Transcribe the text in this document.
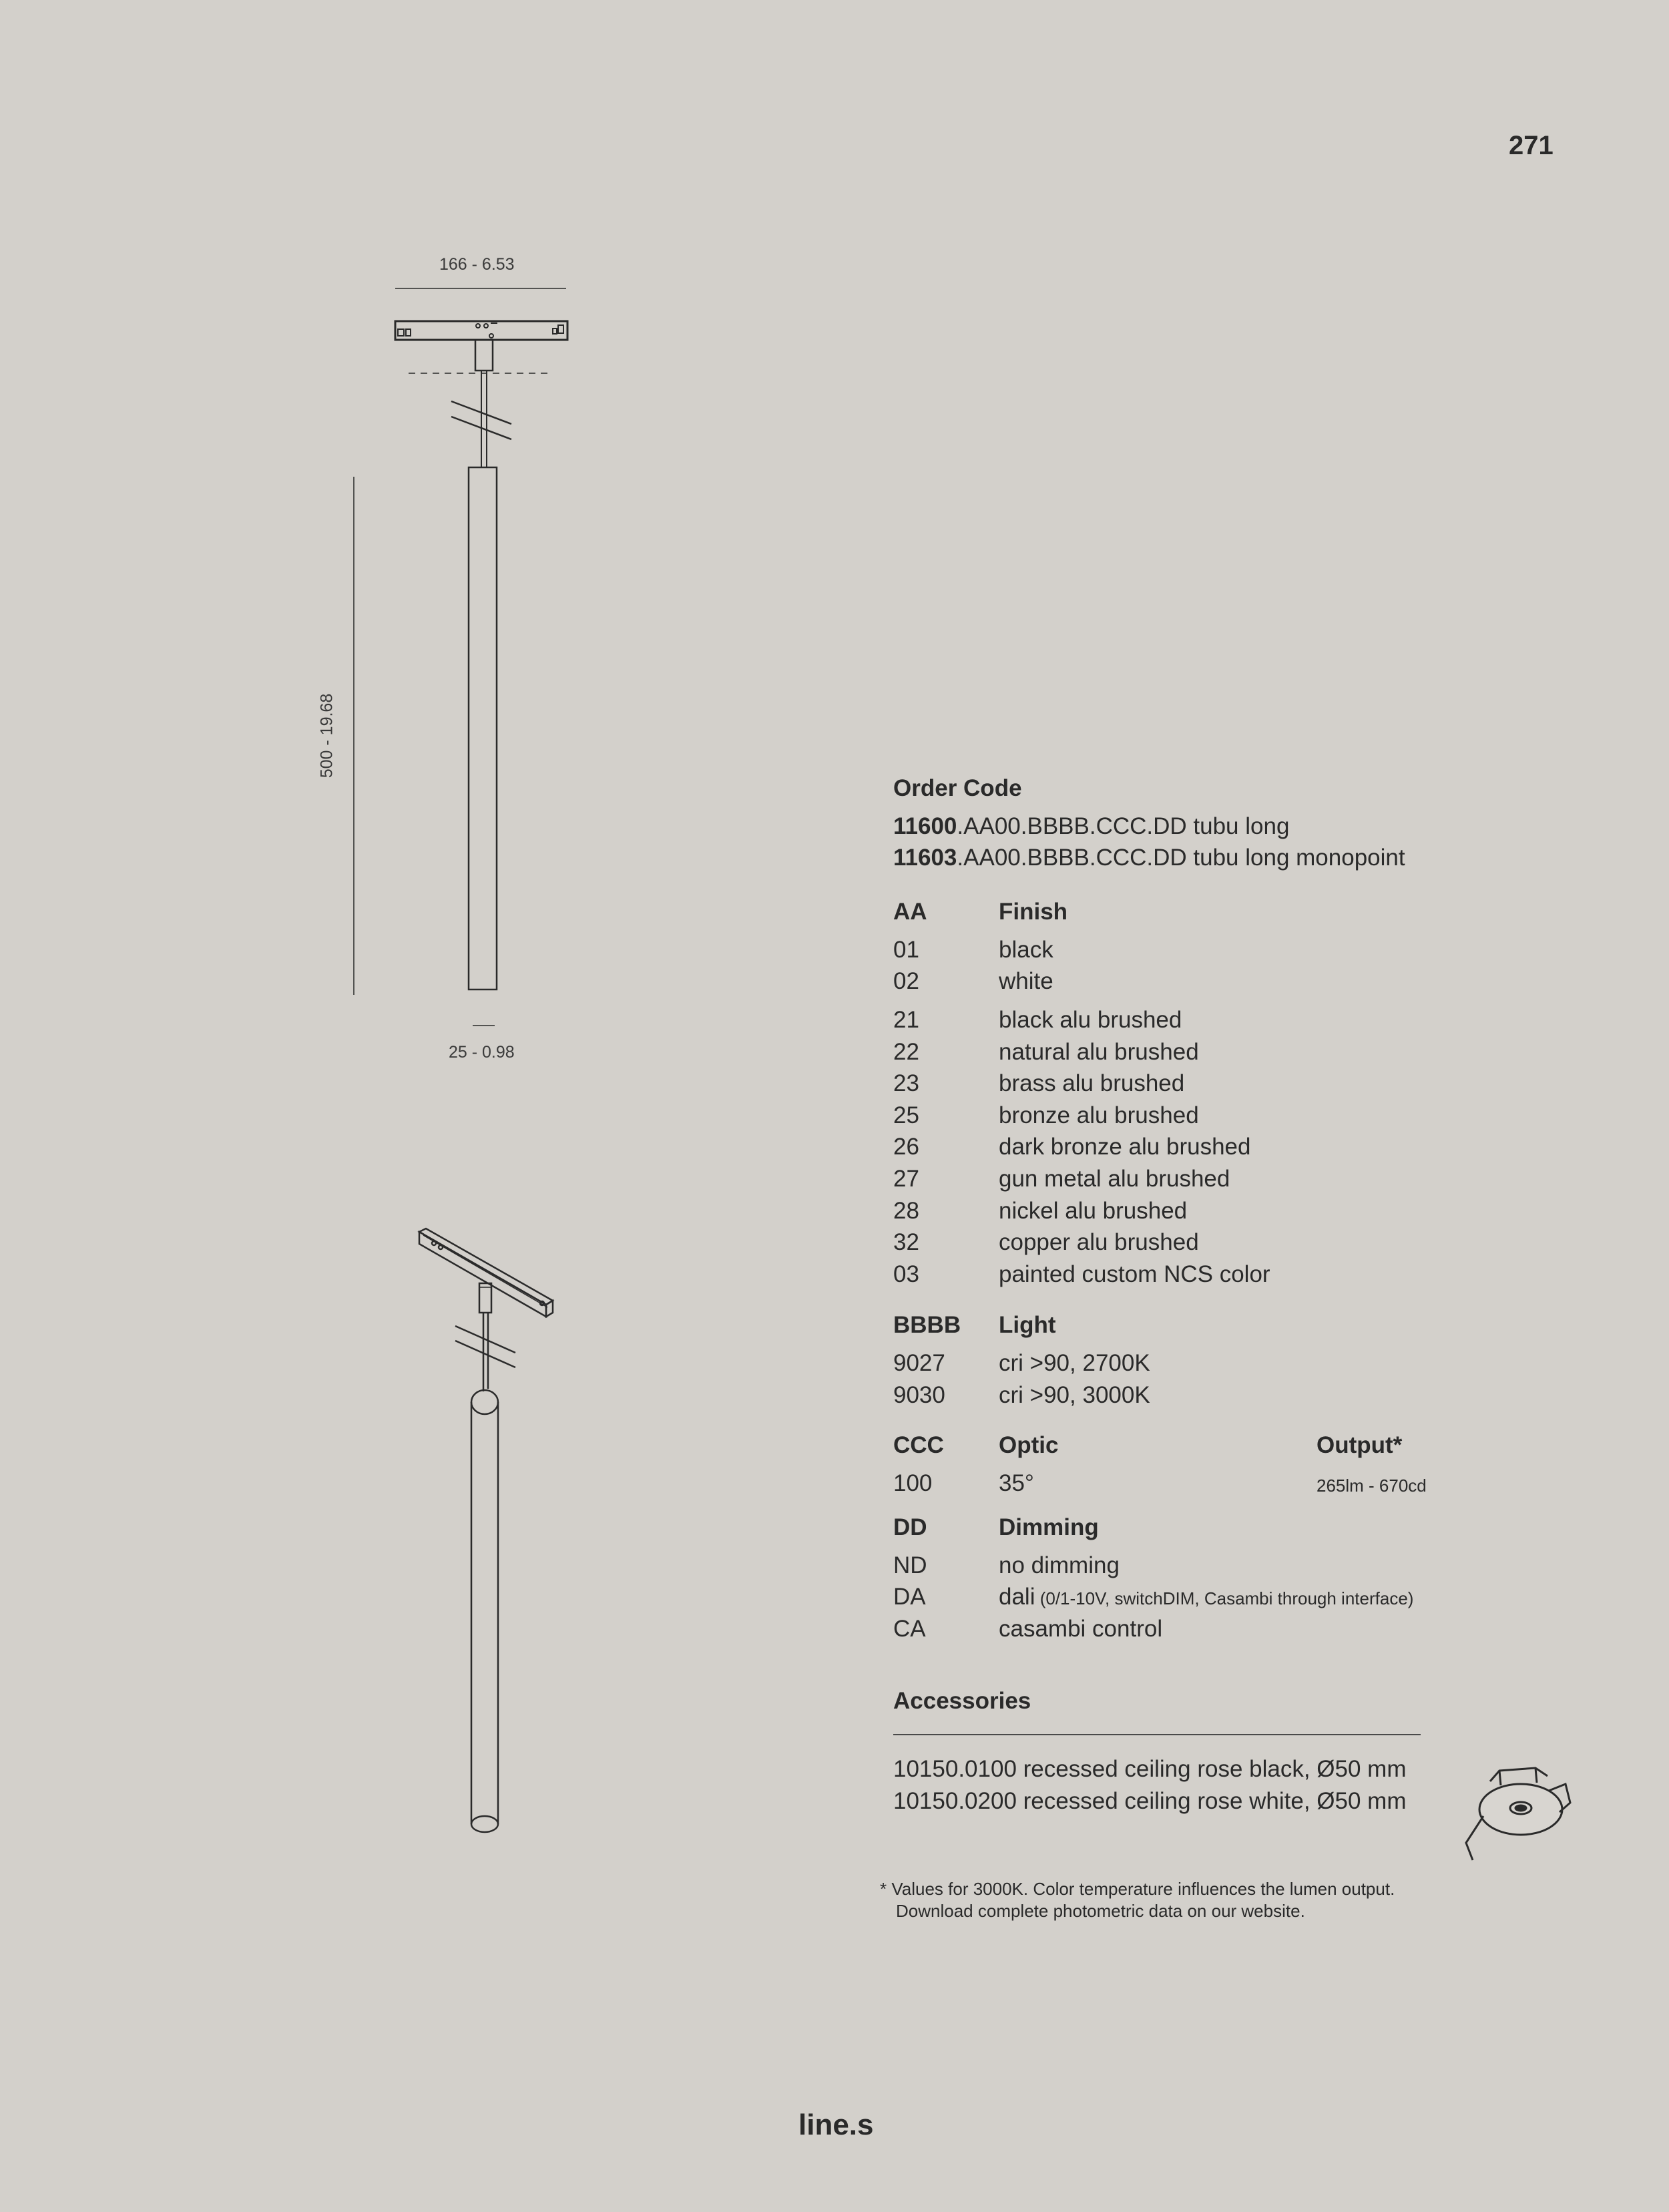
271
166 - 6.53
500 - 19.68
25 - 0.98
Order Code
11600.AA00.BBBB.CCC.DD tubu long
11603.AA00.BBBB.CCC.DD tubu long monopoint
AA	Finish
01	black
02	white
21	black alu brushed
22	natural alu brushed
23	brass alu brushed
25	bronze alu brushed
26	dark bronze alu brushed
27	gun metal alu brushed
28	nickel alu brushed
32	copper alu brushed
03	painted custom NCS color
BBBB Light
9027 cri >90, 2700K
9030 cri >90, 3000K
CCC Optic	Output*
100	35°	265lm - 670cd
DD	Dimming
ND	no dimming
DA	dali (0/1-10V, switchDIM, Casambi through interface)
CA	casambi control
Accessories
10150.0100 recessed ceiling rose black, Ø50 mm
10150.0200 recessed ceiling rose white, Ø50 mm
* Values for 3000K. Color temperature influences the lumen output.
Download complete photometric data on our website.
line.s
